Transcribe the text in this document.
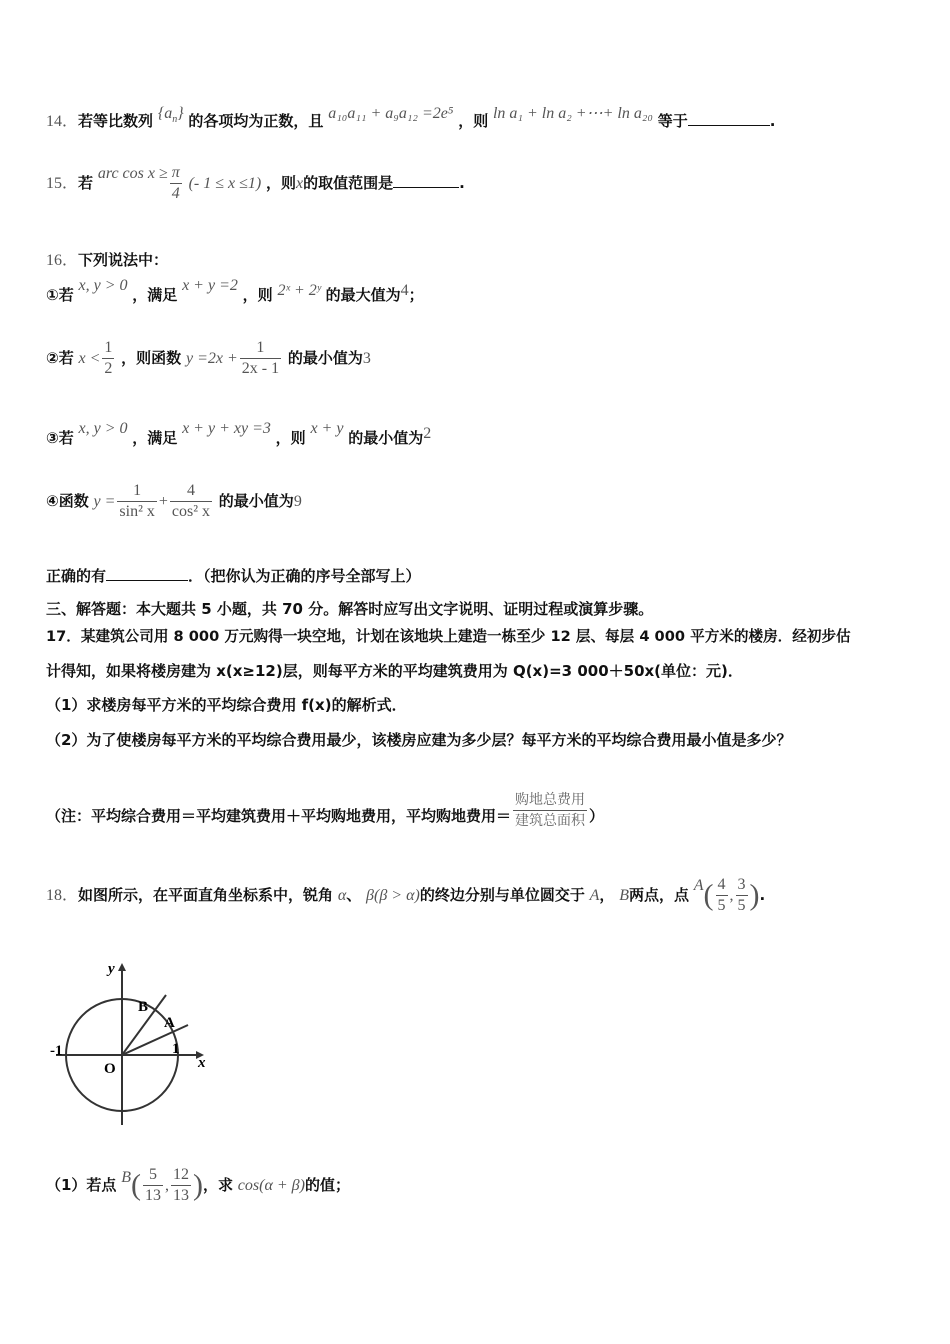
14．若等比数列 $\{a_n\}$ 的各项均为正数，且 a₁₀a₁₁ + a₉a₁₂ =2e⁵ ，则 ln a₁ + ln a₂ +⋯+ ln a₂₀ 等于	.
15．若 arc $\cos x \ge \frac{\pi}{4}$ (- 1 ≤ x ≤1) ，则x的取值范围是	.
16．下列说法中：
①若 x, y > 0 ，满足 x + y =2 ，则 2ˣ + 2ʸ 的最大值为4；
②若 $x < \frac{1}{2}$ ，则函数 $y =2x + \frac{1}{2x - 1}$ 的最小值为3
③若 x, y > 0 ，满足 x + y + xy =3 ，则 x + y 的最小值为2
④函数 $y = \frac{1}{\text{sin² x}} + \frac{4}{\text{cos² x}}$ 的最小值为9
正确的有	．（把你认为正确的序号全部写上）
三、解答题：本大题共 5 小题，共 70 分。解答时应写出文字说明、证明过程或演算步骤。
17．某建筑公司用 8 000 万元购得一块空地，计划在该地块上建造一栋至少 12 层、每层 4 000 平方米的楼房．经初步估
计得知，如果将楼房建为 x(x≥12)层，则每平方米的平均建筑费用为 Q(x)=3 000＋50x(单位：元)．
（1）求楼房每平方米的平均综合费用 f(x)的解析式．
（2）为了使楼房每平方米的平均综合费用最少，该楼房应建为多少层？每平方米的平均综合费用最小值是多少？
（注：平均综合费用＝平均建筑费用＋平均购地费用，平均购地费用＝ $\frac{\text{购地总费用}}{\text{建筑总面积}}$ ）
18．如图所示，在平面直角坐标系中，锐角 α、 β(β > α)的终边分别与单位圆交于 A， B两点，点 $A( \frac{4}{5}$ , $\frac{3}{5}$ ).
y
x
B
A
-1	1
O
（1）若点 $B( \frac{5}{13}$ , $\frac{12}{13}$ )，求 cos(α + β)的值；
